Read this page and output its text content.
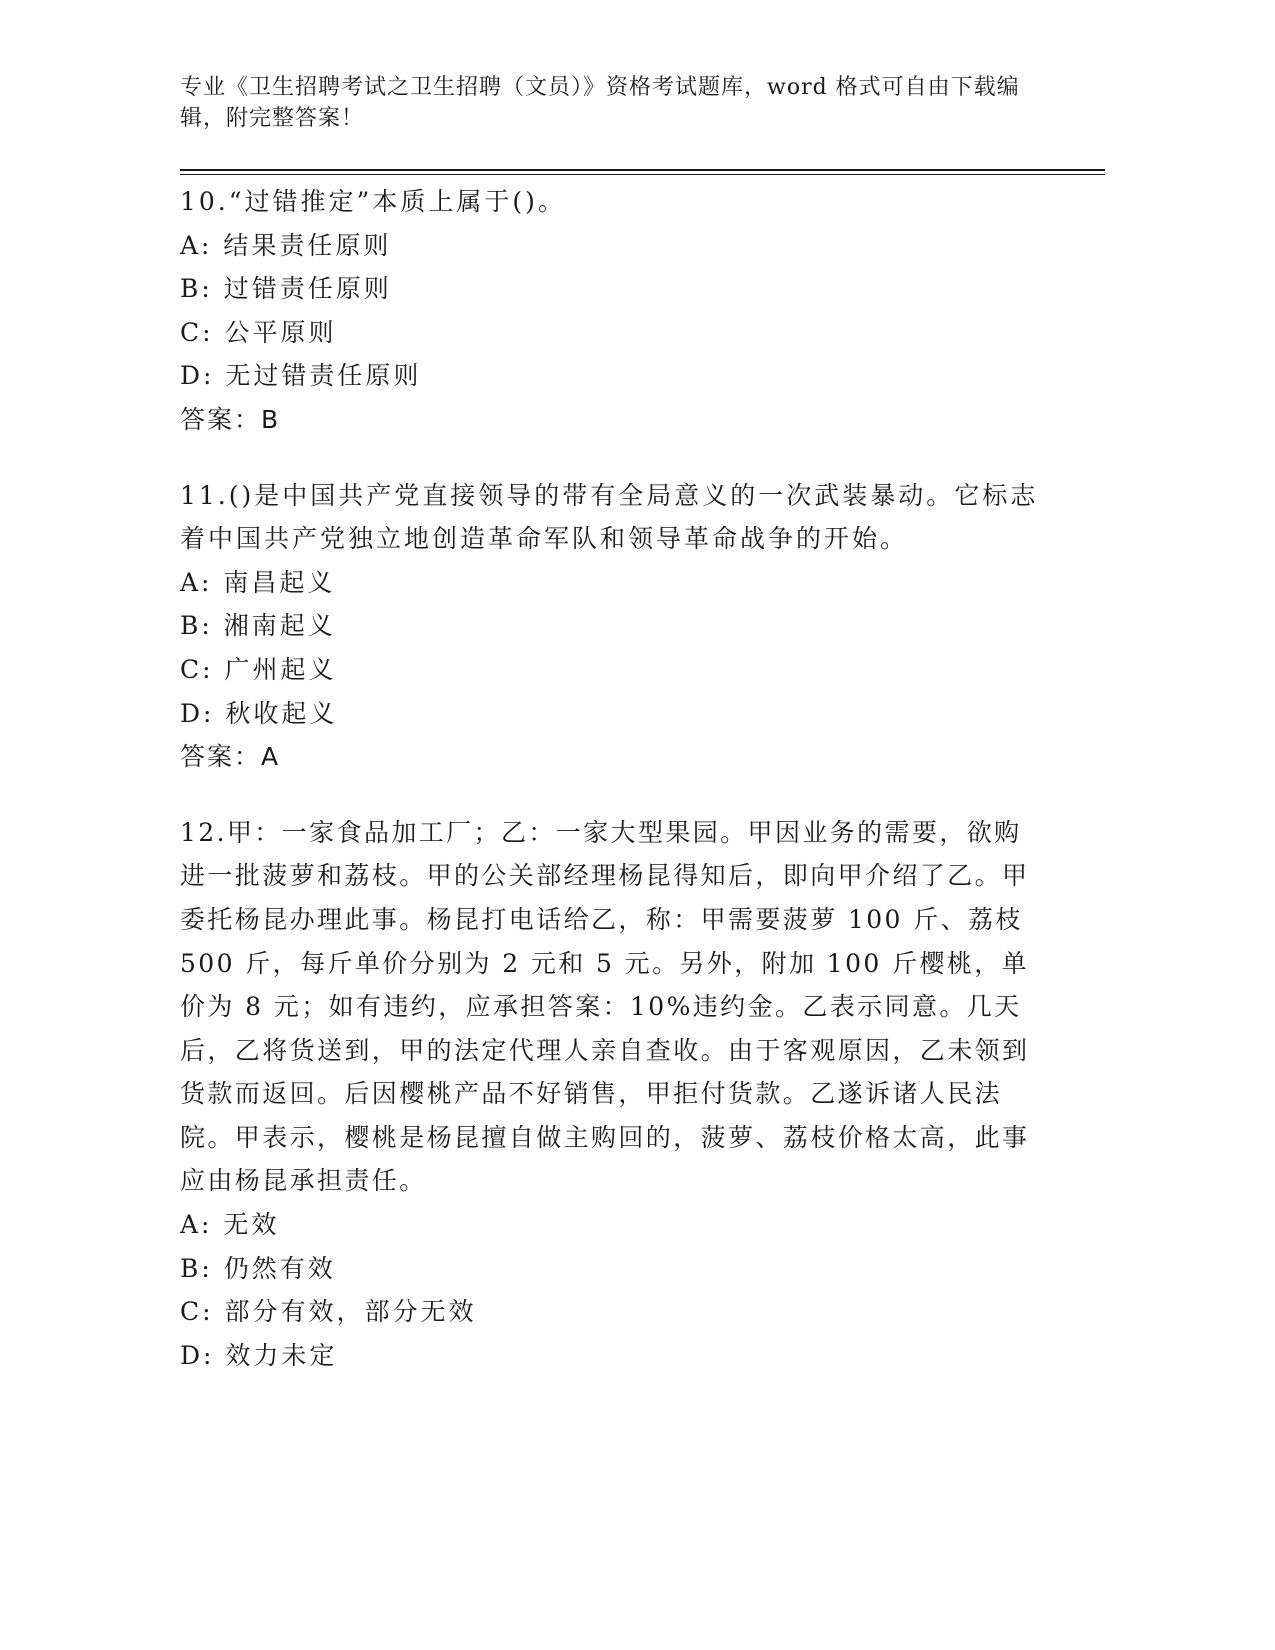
专业《卫生招聘考试之卫生招聘（文员）》资格考试题库，word 格式可自由下载编辑，附完整答案！

10.“过错推定”本质上属于()。

A: 结果责任原则

B: 过错责任原则

C: 公平原则

D: 无过错责任原则

答案：B

11.()是中国共产党直接领导的带有全局意义的一次武装暴动。它标志着中国共产党独立地创造革命军队和领导革命战争的开始。

A: 南昌起义

B: 湘南起义

C: 广州起义

D: 秋收起义

答案：A

12.甲：一家食品加工厂；乙：一家大型果园。甲因业务的需要，欲购进一批菠萝和荔枝。甲的公关部经理杨昆得知后，即向甲介绍了乙。甲委托杨昆办理此事。杨昆打电话给乙，称：甲需要菠萝 100 斤、荔枝 500 斤，每斤单价分别为 2 元和 5 元。另外，附加 100 斤樱桃，单价为 8 元；如有违约，应承担答案：10%违约金。乙表示同意。几天后，乙将货送到，甲的法定代理人亲自查收。由于客观原因，乙未领到货款而返回。后因樱桃产品不好销售，甲拒付货款。乙遂诉诸人民法院。甲表示，樱桃是杨昆擅自做主购回的，菠萝、荔枝价格太高，此事应由杨昆承担责任。

A: 无效

B: 仍然有效

C: 部分有效，部分无效

D: 效力未定
